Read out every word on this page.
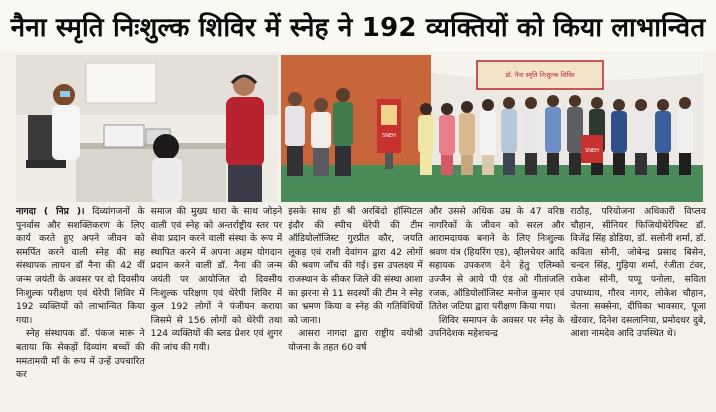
नैना स्मृति निःशुल्क शिविर में स्नेह ने 192 व्यक्तियों को किया लाभान्वित
डॉ. नैना स्मृति निःशुल्क शिविर
SNEH
SNEH

नागदा ( निप्र )। दिव्यांगजनों के पुनर्वास और सशक्तिकरण के लिए कार्य करते हुए अपने जीवन को समर्पित करने वाली स्नेह की सह संस्थापक लायन डॉ नैना की 42 वीं जन्म जयंती के अवसर पर दो दिवसीय निःशुल्क परीक्षण एवं थेरेपी शिविर में 192 व्यक्तियों को लाभान्वित किया गया।

स्नेह संस्थापक डॉ. पंकज मारू ने बताया कि सेकड़ों दिव्यांग बच्चों की ममतामयी माँ के रूप में उन्हें उपचारित कर

समाज की मुख्य धारा के साथ जोड़ने वाली एवं स्नेह को अन्तर्राष्ट्रीय स्तर पर सेवा प्रदान करने वाली संस्था के रूप में स्थापित करने में अपना अहम योगदान प्रदान करने वाली डॉ. नैना की जन्म जयंती पर आयोजित दो दिवसीय निःशुल्क परिक्षण एवं थेरेपी शिविर में कुल 192 लोगों ने पंजीयन कराया जिसमे से 156 लोगों को थेरेपी तथा 124 व्यक्तियों की ब्लड प्रेशर एवं शुगर की जांच की गयी।

इसके साथ ही श्री अरबिंदो हॉस्पिटल इंदौर की स्पीच थेरेपी की टीम ऑडियोलॉजिस्ट गुरप्रीत कौर, जयति लूकड़ एवं राशी देवांगन द्वारा 42 लोगों की श्रवण जाँच की गई। इस उपलक्ष्य में राजस्थान के सीकर जिले की संस्था आशा का झरना से 11 सदस्यों की टीम ने स्नेह का भ्रमण किया व स्नेह की गतिविधियों को जाना।

आसरा नागदा द्वारा राष्ट्रीय वयोश्री योजना के तहत 60 वर्ष

और उससे अधिक उम्र के 47 वरिष्ठ नागरिकों के जीवन को सरल और आरामदायक बनाने के लिए निःशुल्क श्रवण यंत्र (हियरिंग एड), व्हीलचेयर आदि सहायक उपकरण देने हेतु एलिम्को उज्जैन से आये पी एंड ओ गीतांजलि रजक, ऑडियोलॉजिस्ट मनोज कुमार एवं तितेश जटिया द्वारा परीक्षण किया गया।

शिविर समापन के अवसर पर स्नेह के उपनिदेशक महेशचन्द्र

राठौड़, परियोजना अधिकारी विप्लव चौहान, सीनियर फिजियोथेरेपिस्ट डॉ. विजेंद्र सिंह डोडिया, डॉ. सलोनी शर्मा, डॉ. कविता सोनी, जोबेन्द्र प्रसाद बिसेन, चन्दन सिंह, गुड़िया शर्मा, रंजीता टंवर, राकेश सोनी, पप्पू पनोला, सविता उपाध्याय, गौरव नागर, लोकेश चौहान, चेतना सक्सेना, दीपिका भावसार, पूजा खेरवार, दिनेश दसलानिया, प्रमोदधर दुबे, आशा नामदेव आदि उपस्थित थे।
